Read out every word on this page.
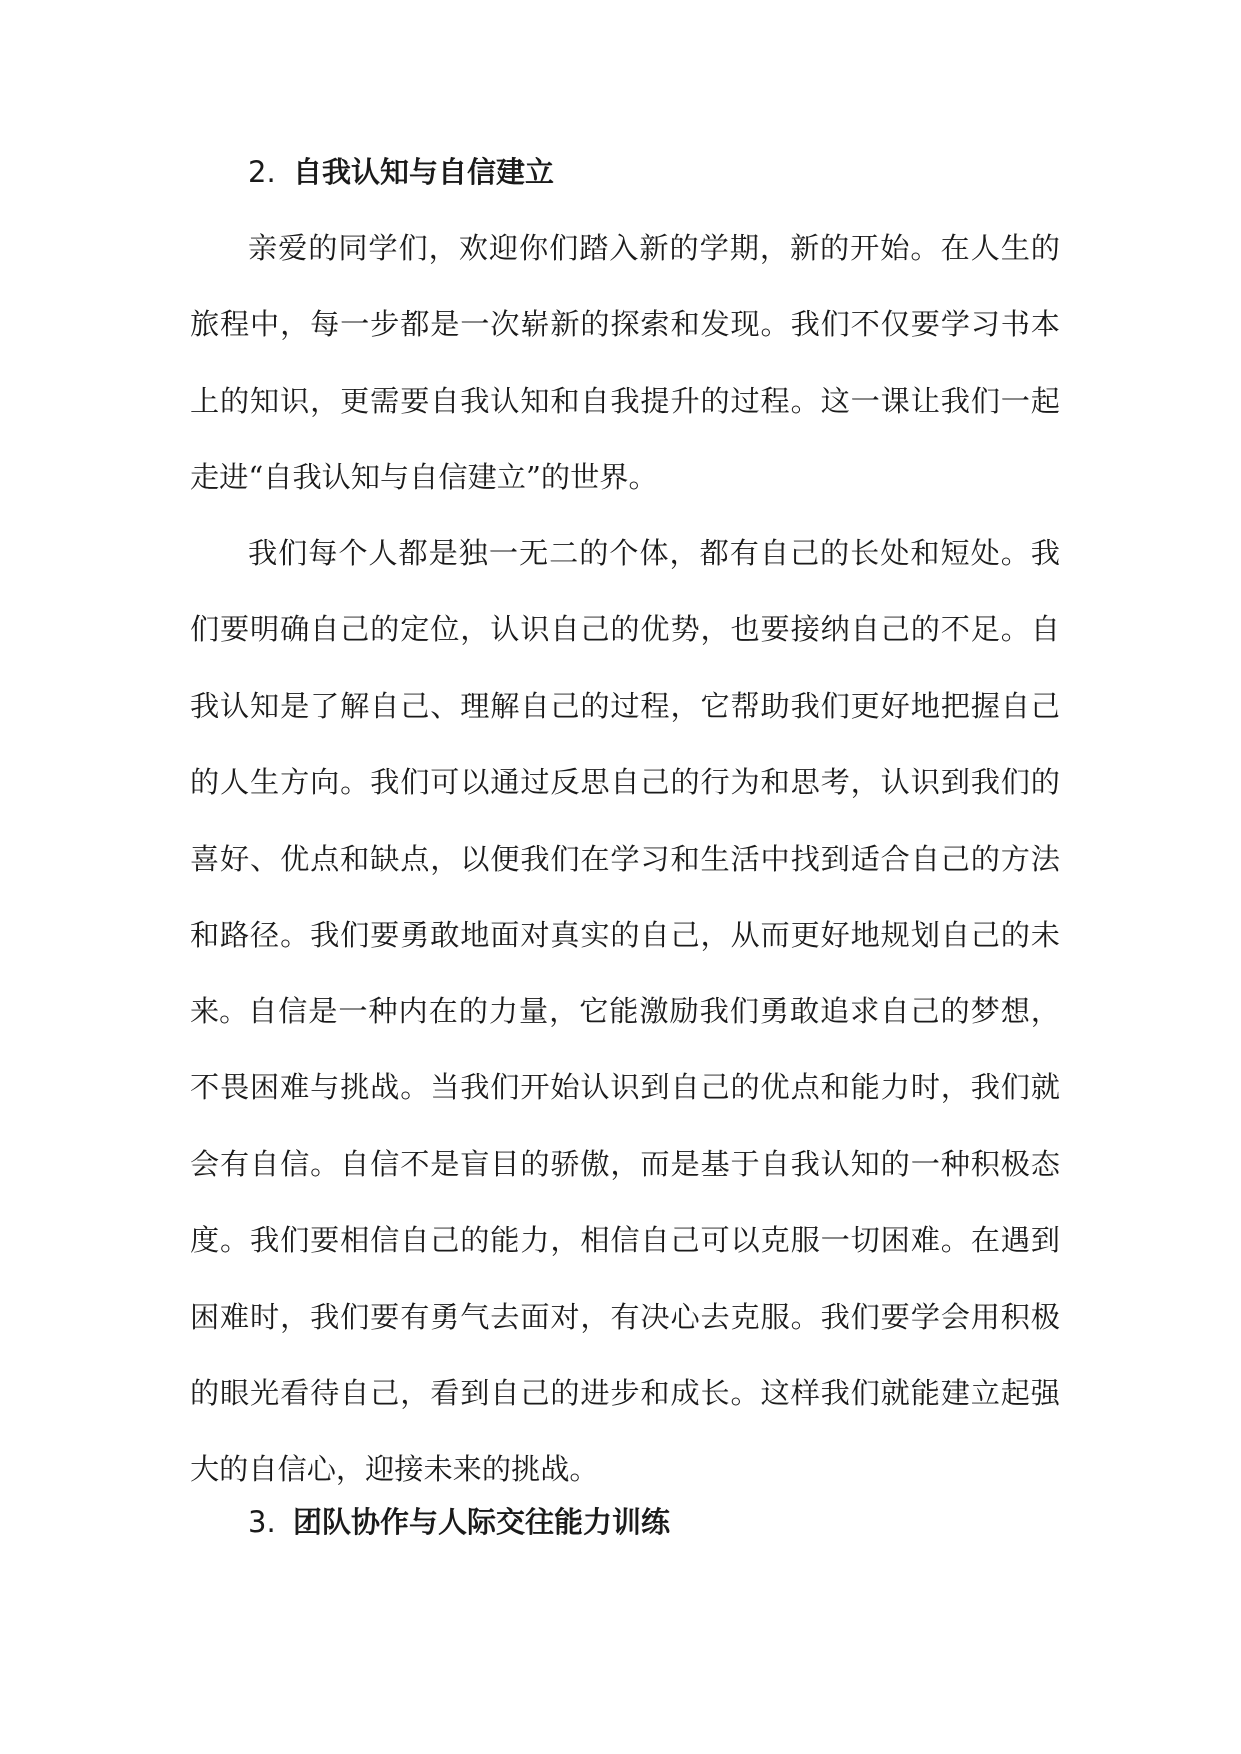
2. 自我认知与自信建立

亲爱的同学们，欢迎你们踏入新的学期，新的开始。在人生的旅程中，每一步都是一次崭新的探索和发现。我们不仅要学习书本上的知识，更需要自我认知和自我提升的过程。这一课让我们一起走进“自我认知与自信建立”的世界。

我们每个人都是独一无二的个体，都有自己的长处和短处。我们要明确自己的定位，认识自己的优势，也要接纳自己的不足。自我认知是了解自己、理解自己的过程，它帮助我们更好地把握自己的人生方向。我们可以通过反思自己的行为和思考，认识到我们的喜好、优点和缺点，以便我们在学习和生活中找到适合自己的方法和路径。我们要勇敢地面对真实的自己，从而更好地规划自己的未来。 自信是一种内在的力量，它能激励我们勇敢追求自己的梦想，不畏困难与挑战。当我们开始认识到自己的优点和能力时，我们就会有自信。自信不是盲目的骄傲，而是基于自我认知的一种积极态度。我们要相信自己的能力，相信自己可以克服一切困难。在遇到困难时，我们要有勇气去面对，有决心去克服。我们要学会用积极的眼光看待自己，看到自己的进步和成长。这样我们就能建立起强大的自信心，迎接未来的挑战。

3. 团队协作与人际交往能力训练
